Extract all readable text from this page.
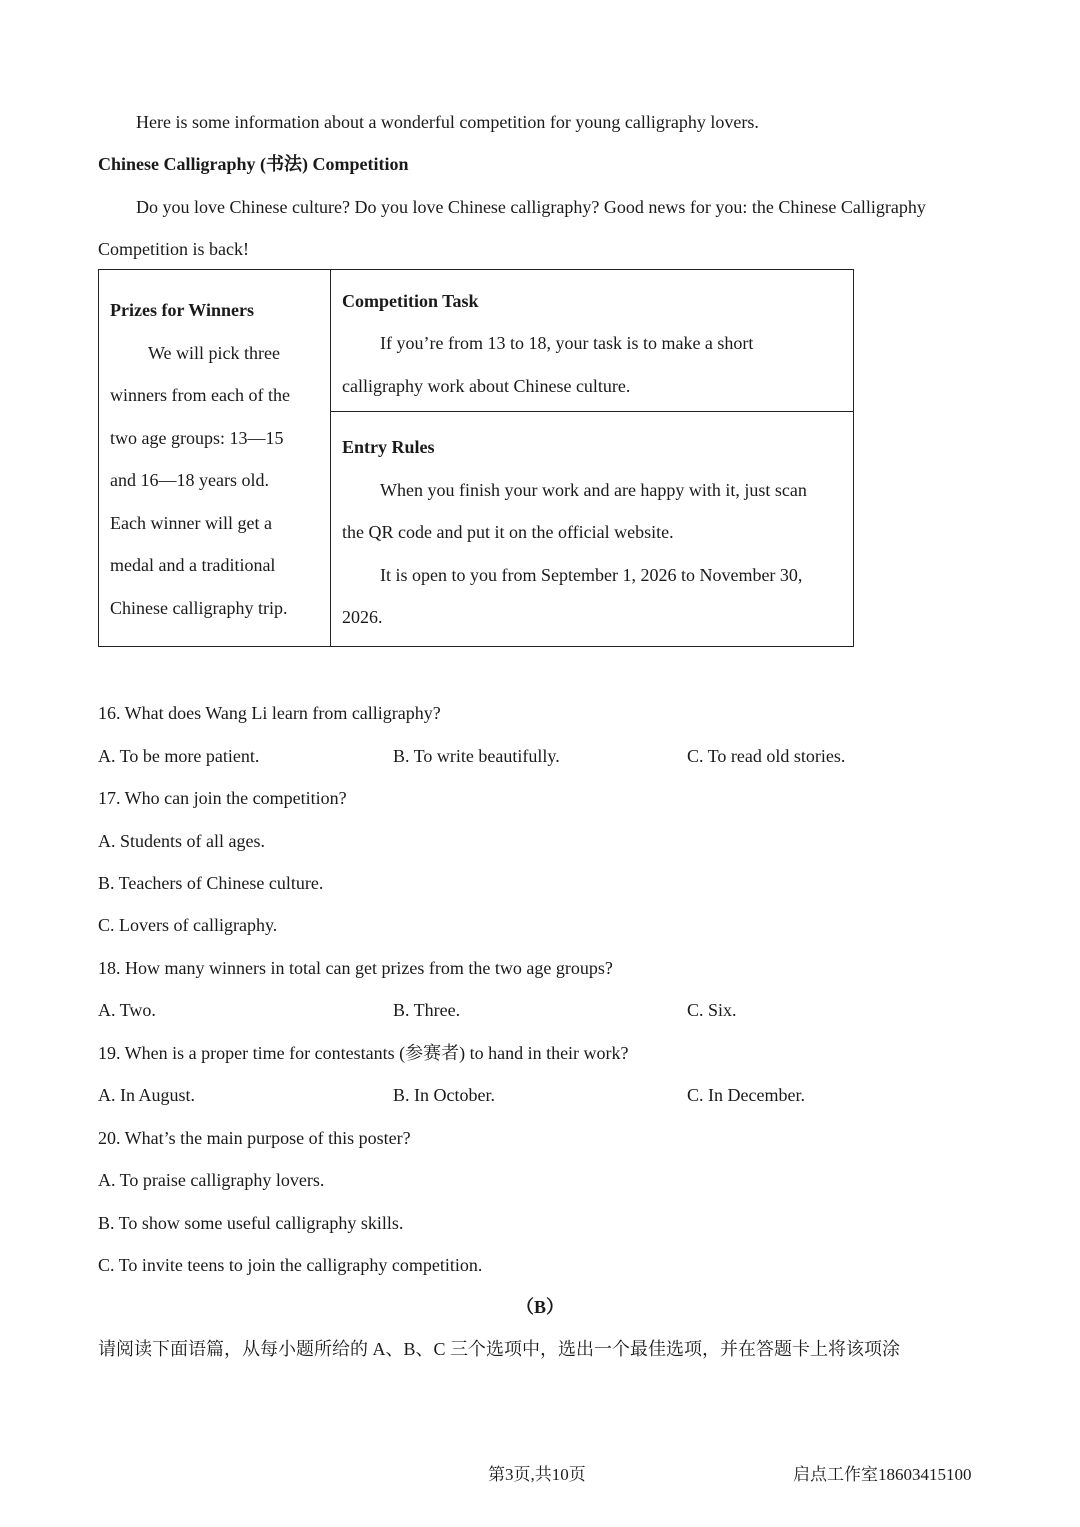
Here is some information about a wonderful competition for young calligraphy lovers.
Chinese Calligraphy (书法) Competition
Do you love Chinese culture? Do you love Chinese calligraphy? Good news for you: the Chinese Calligraphy
Competition is back!
Prizes for Winners
We will pick three
winners from each of the
two age groups: 13—15
and 16—18 years old.
Each winner will get a
medal and a traditional
Chinese calligraphy trip.
Competition Task
If you’re from 13 to 18, your task is to make a short
calligraphy work about Chinese culture.
Entry Rules
When you finish your work and are happy with it, just scan
the QR code and put it on the official website.
It is open to you from September 1, 2026 to November 30,
2026.
16. What does Wang Li learn from calligraphy?
A. To be more patient.	B. To write beautifully.	C. To read old stories.
17. Who can join the competition?
A. Students of all ages.
B. Teachers of Chinese culture.
C. Lovers of calligraphy.
18. How many winners in total can get prizes from the two age groups?
A. Two.	B. Three.	C. Six.
19. When is a proper time for contestants (参赛者) to hand in their work?
A. In August.	B. In October.	C. In December.
20. What’s the main purpose of this poster?
A. To praise calligraphy lovers.
B. To show some useful calligraphy skills.
C. To invite teens to join the calligraphy competition.
（B）
请阅读下面语篇，从每小题所给的 A、B、C 三个选项中，选出一个最佳选项，并在答题卡上将该项涂
第3页,共10页	启点工作室18603415100
